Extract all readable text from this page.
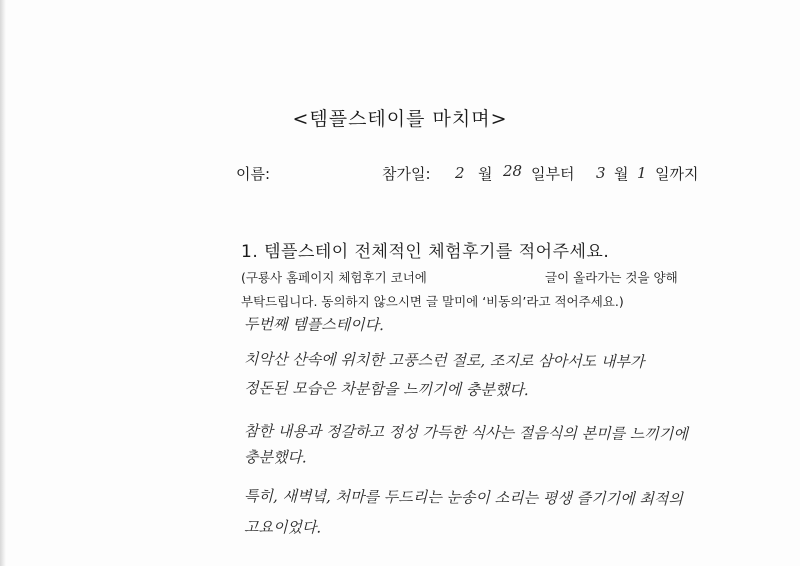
<템플스테이를 마치며>
이름:	참가일: 2 월 28 일부터 3 월 1 일까지
1. 템플스테이 전체적인 체험후기를 적어주세요.
(구룡사 홈페이지 체험후기 코너에	글이 올라가는 것을 양해
부탁드립니다. 동의하지 않으시면 글 말미에 ‘비동의’라고 적어주세요.)
두번째 템플스테이다.
치악산 산속에 위치한 고풍스런 절로, 조지로 삼아서도 내부가
정돈된 모습은 차분함을 느끼기에 충분했다.
참한 내용과 정갈하고 정성 가득한 식사는 절음식의 본미를 느끼기에
충분했다.
특히, 새벽녘, 처마를 두드리는 눈송이 소리는 평생 즐기기에 최적의
고요이었다.
